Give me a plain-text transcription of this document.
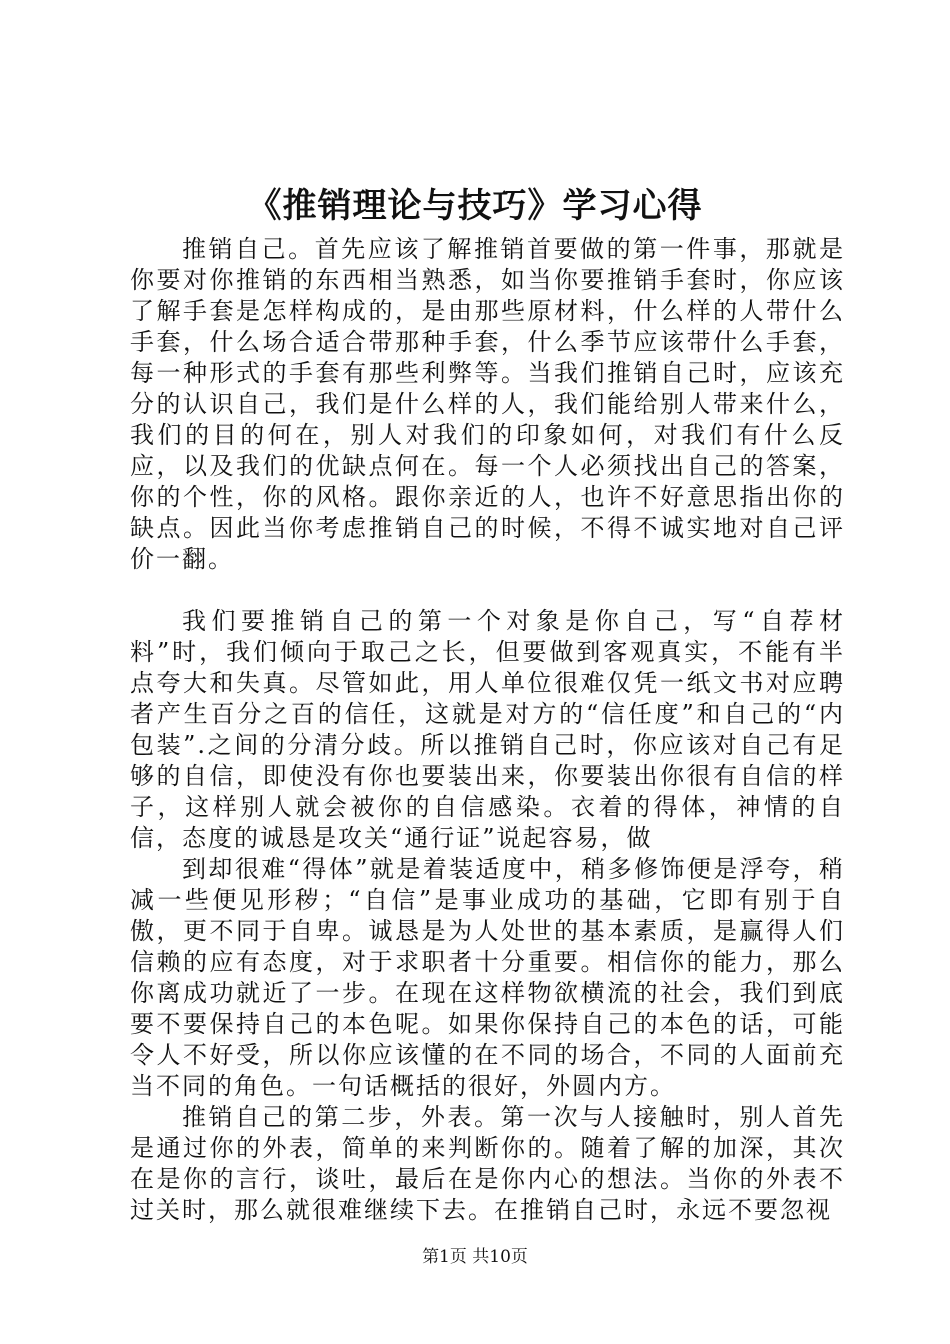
《推销理论与技巧》学习心得

推销自己。首先应该了解推销首要做的第一件事，那就是你要对你推销的东西相当熟悉，如当你要推销手套时，你应该了解手套是怎样构成的，是由那些原材料，什么样的人带什么手套，什么场合适合带那种手套，什么季节应该带什么手套，每一种形式的手套有那些利弊等。当我们推销自己时，应该充分的认识自己，我们是什么样的人，我们能给别人带来什么，我们的目的何在，别人对我们的印象如何，对我们有什么反应，以及我们的优缺点何在。每一个人必须找出自己的答案，你的个性，你的风格。跟你亲近的人，也许不好意思指出你的缺点。因此当你考虑推销自己的时候，不得不诚实地对自己评价一翻。

我们要推销自己的第一个对象是你自己，写“自荐材料”时，我们倾向于取己之长，但要做到客观真实，不能有半点夸大和失真。尽管如此，用人单位很难仅凭一纸文书对应聘者产生百分之百的信任，这就是对方的“信任度”和自己的“内包装”.之间的分清分歧。所以推销自己时，你应该对自己有足够的自信，即使没有你也要装出来，你要装出你很有自信的样子，这样别人就会被你的自信感染。衣着的得体，神情的自信，态度的诚恳是攻关“通行证”说起容易，做

到却很难“得体”就是着装适度中，稍多修饰便是浮夸，稍减一些便见形秽；“自信”是事业成功的基础，它即有别于自傲，更不同于自卑。诚恳是为人处世的基本素质，是赢得人们信赖的应有态度，对于求职者十分重要。相信你的能力，那么你离成功就近了一步。在现在这样物欲横流的社会，我们到底要不要保持自己的本色呢。如果你保持自己的本色的话，可能令人不好受，所以你应该懂的在不同的场合，不同的人面前充当不同的角色。一句话概括的很好，外圆内方。

推销自己的第二步，外表。第一次与人接触时，别人首先是通过你的外表，简单的来判断你的。随着了解的加深，其次在是你的言行，谈吐，最后在是你内心的想法。当你的外表不过关时，那么就很难继续下去。在推销自己时，永远不要忽视

第1页 共10页
